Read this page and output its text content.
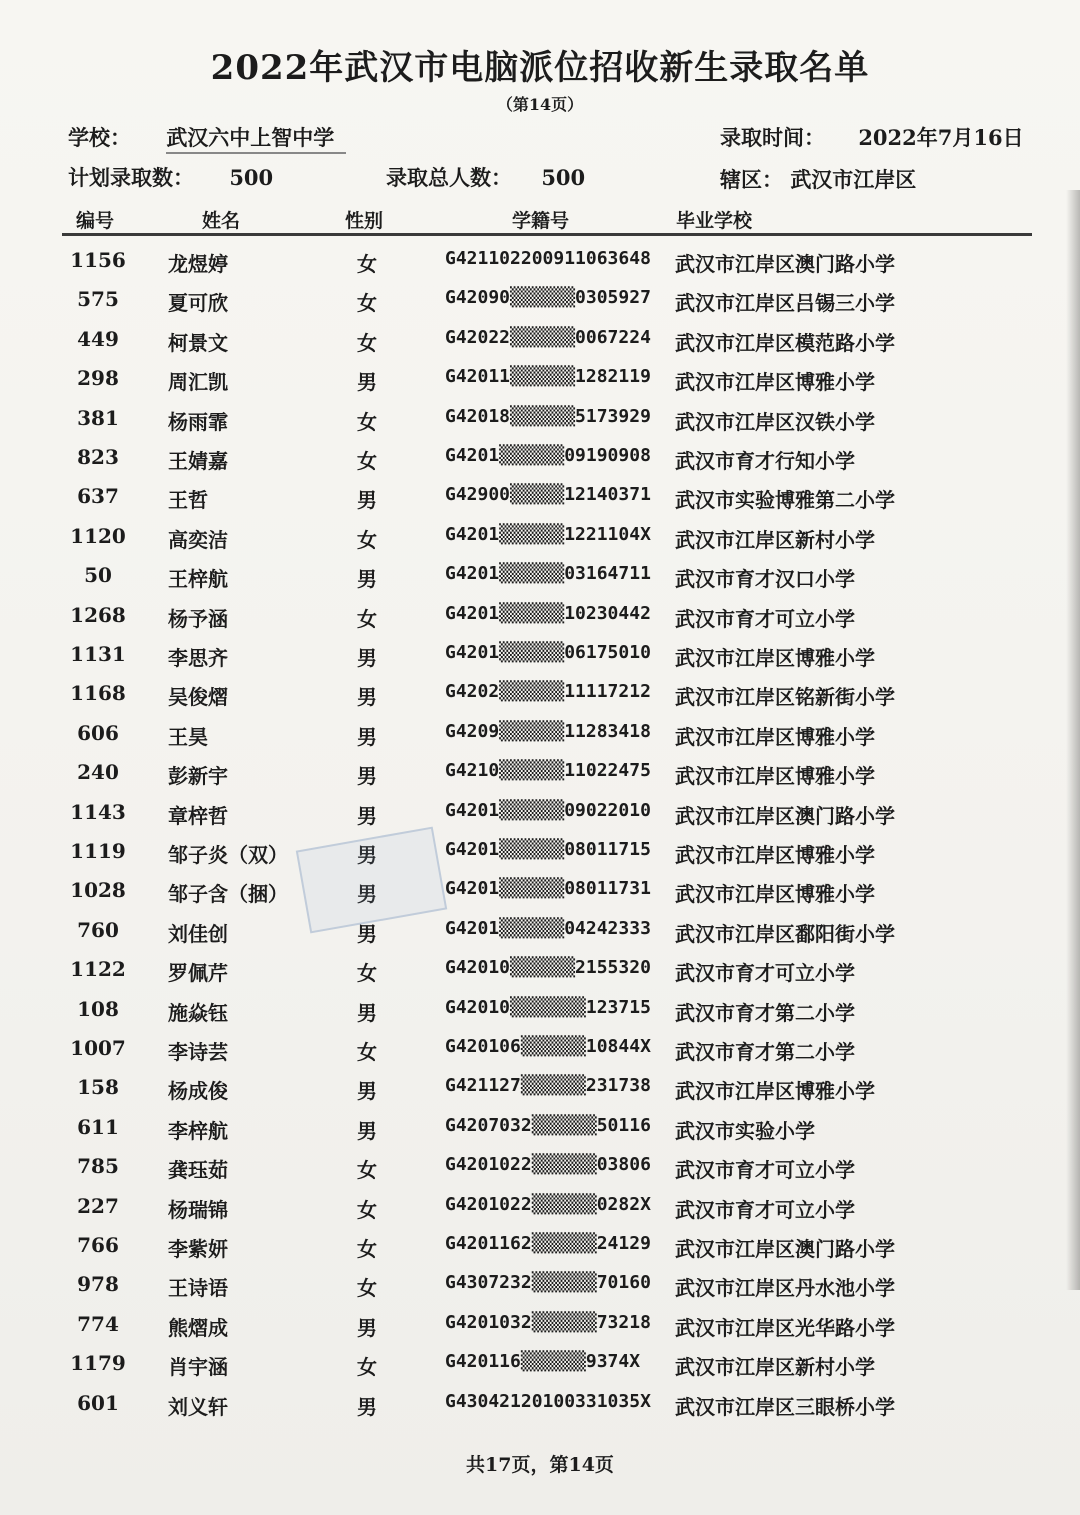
2022年武汉市电脑派位招收新生录取名单
（第14页）
学校： 武汉六中上智中学	录取时间： 2022年7月16日
计划录取数： 500	录取总人数： 500	辖区： 武汉市江岸区
编号	姓名	性别	学籍号	毕业学校
1156	龙煜婷	女	G421102200911063648 武汉市江岸区澳门路小学
575	夏可欣	女	G42090▒▒▒▒▒▒0305927 武汉市江岸区吕锡三小学
449	柯景文	女	G42022▒▒▒▒▒▒0067224 武汉市江岸区模范路小学
298	周汇凯	男	G42011▒▒▒▒▒▒1282119 武汉市江岸区博雅小学
381	杨雨霏	女	G42018▒▒▒▒▒▒5173929 武汉市江岸区汉铁小学
823	王婧嘉	女	G4201▒▒▒▒▒▒09190908 武汉市育才行知小学
637	王哲	男	G42900▒▒▒▒▒12140371 武汉市实验博雅第二小学
1120	高奕洁	女	G4201▒▒▒▒▒▒1221104X 武汉市江岸区新村小学
50	王梓航	男	G4201▒▒▒▒▒▒03164711 武汉市育才汉口小学
1268	杨予涵	女	G4201▒▒▒▒▒▒10230442 武汉市育才可立小学
1131	李思齐	男	G4201▒▒▒▒▒▒06175010 武汉市江岸区博雅小学
1168	吴俊熠	男	G4202▒▒▒▒▒▒11117212 武汉市江岸区铭新街小学
606	王昊	男	G4209▒▒▒▒▒▒11283418 武汉市江岸区博雅小学
240	彭新宇	男	G4210▒▒▒▒▒▒11022475 武汉市江岸区博雅小学
1143	章梓哲	男	G4201▒▒▒▒▒▒09022010 武汉市江岸区澳门路小学
1119	邹子炎（双）	男	G4201▒▒▒▒▒▒08011715 武汉市江岸区博雅小学
1028	邹子含（捆）	男	G4201▒▒▒▒▒▒08011731 武汉市江岸区博雅小学
760	刘佳创	男	G4201▒▒▒▒▒▒04242333 武汉市江岸区鄱阳街小学
1122	罗佩芹	女	G42010▒▒▒▒▒▒2155320 武汉市育才可立小学
108	施焱钰	男	G42010▒▒▒▒▒▒▒123715 武汉市育才第二小学
1007	李诗芸	女	G420106▒▒▒▒▒▒10844X 武汉市育才第二小学
158	杨成俊	男	G421127▒▒▒▒▒▒231738 武汉市江岸区博雅小学
611	李梓航	男	G4207032▒▒▒▒▒▒50116 武汉市实验小学
785	龚珏茹	女	G4201022▒▒▒▒▒▒03806 武汉市育才可立小学
227	杨瑞锦	女	G4201022▒▒▒▒▒▒0282X 武汉市育才可立小学
766	李紫妍	女	G4201162▒▒▒▒▒▒24129 武汉市江岸区澳门路小学
978	王诗语	女	G4307232▒▒▒▒▒▒70160 武汉市江岸区丹水池小学
774	熊熠成	男	G4201032▒▒▒▒▒▒73218 武汉市江岸区光华路小学
1179	肖宇涵	女	G420116▒▒▒▒▒▒9374X 武汉市江岸区新村小学
601	刘义轩	男	G4304212010​0331035X 武汉市江岸区三眼桥小学
共17页，第14页
